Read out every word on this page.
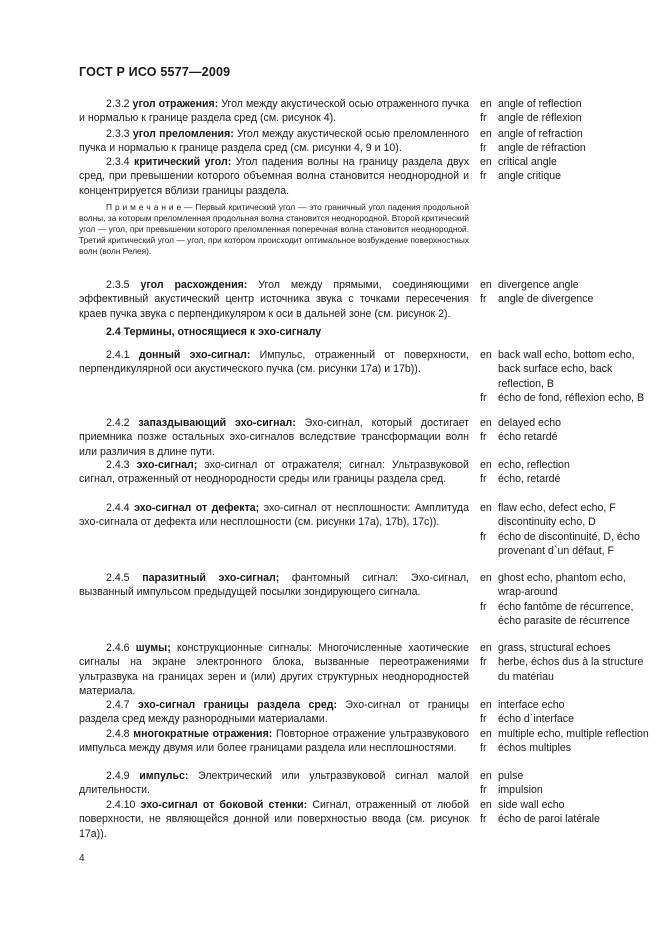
ГОСТ Р ИСО 5577—2009
2.3.2 угол отражения: Угол между акустической осью отраженного пучка и нормалью к границе раздела сред (см. рисунок 4).
en angle of reflection
fr	angle de réflexion
2.3.3 угол преломления: Угол между акустической осью преломленного пучка и нормалью к границе раздела сред (см. рисунки 4, 9 и 10).
en angle of refraction
fr	angle de réfraction
2.3.4 критический угол: Угол падения волны на границу раздела двух сред, при превышении которого объемная волна становится неоднородной и концентрируется вблизи границы раздела.
en critical angle
fr	angle critique
П р и м е ч а н и е — Первый критический угол — это граничный угол падения продольной волны, за которым преломленная продольная волна становится неоднородной. Второй критический угол — угол, при превышении которого преломленная поперечная волна становится неоднородной. Третий критический угол — угол, при котором происходит оптимальное возбуждение поверхностных волн (волн Релея).
2.3.5 угол расхождения: Угол между прямыми, соединяющими эффективный акустический центр источника звука с точками пересечения краев пучка звука с перпендикуляром к оси в дальней зоне (см. рисунок 2).
en divergence angle
fr	angle de divergence
2.4 Термины, относящиеся к эхо-сигналу
2.4.1 донный эхо-сигнал: Импульс, отраженный от поверхности, перпендикулярной оси акустического пучка (см. рисунки 17a) и 17b)).
en back wall echo, bottom echo, back surface echo, back reflection, B
fr	écho de fond, réflexion echo, B
2.4.2 запаздывающий эхо-сигнал: Эхо-сигнал, который достигает приемника позже остальных эхо-сигналов вследствие трансформации волн или различия в длине пути.
en delayed echo
fr	écho retardé
2.4.3 эхо-сигнал; эхо-сигнал от отражателя; сигнал: Ультразвуковой сигнал, отраженный от неоднородности среды или границы раздела сред.
en echo, reflection
fr	écho, retardé
2.4.4 эхо-сигнал от дефекта; эхо-сигнал от несплошности: Амплитуда эхо-сигнала от дефекта или несплошности (см. рисунки 17a), 17b), 17c)).
en flaw echo, defect echo, F discontinuity echo, D
fr	écho de discontinuité, D, écho provenant d`un défaut, F
2.4.5 паразитный эхо-сигнал; фантомный сигнал: Эхо-сигнал, вызванный импульсом предыдущей посылки зондирующего сигнала.
en ghost echo, phantom echo, wrap-around
fr	écho fantôme de récurrence, écho parasite de récurrence
2.4.6 шумы; конструкционные сигналы: Многочисленные хаотические сигналы на экране электронного блока, вызванные переотражениями ультразвука на границах зерен и (или) других структурных неоднородностей материала.
en grass, structural echoes
fr	herbe, échos dus à la structure du matériau
2.4.7 эхо-сигнал границы раздела сред: Эхо-сигнал от границы раздела сред между разнородными материалами.
en interface echo
fr	écho d`interface
2.4.8 многократные отражения: Повторное отражение ультразвукового импульса между двумя или более границами раздела или несплошностями.
en multiple echo, multiple reflection
fr	échos multiples
2.4.9 импульс: Электрический или ультразвуковой сигнал малой длительности.
en pulse
fr	impulsion
2.4.10 эхо-сигнал от боковой стенки: Сигнал, отраженный от любой поверхности, не являющейся донной или поверхностью ввода (см. рисунок 17a)).
en side wall echo
fr	écho de paroi latérale
4
